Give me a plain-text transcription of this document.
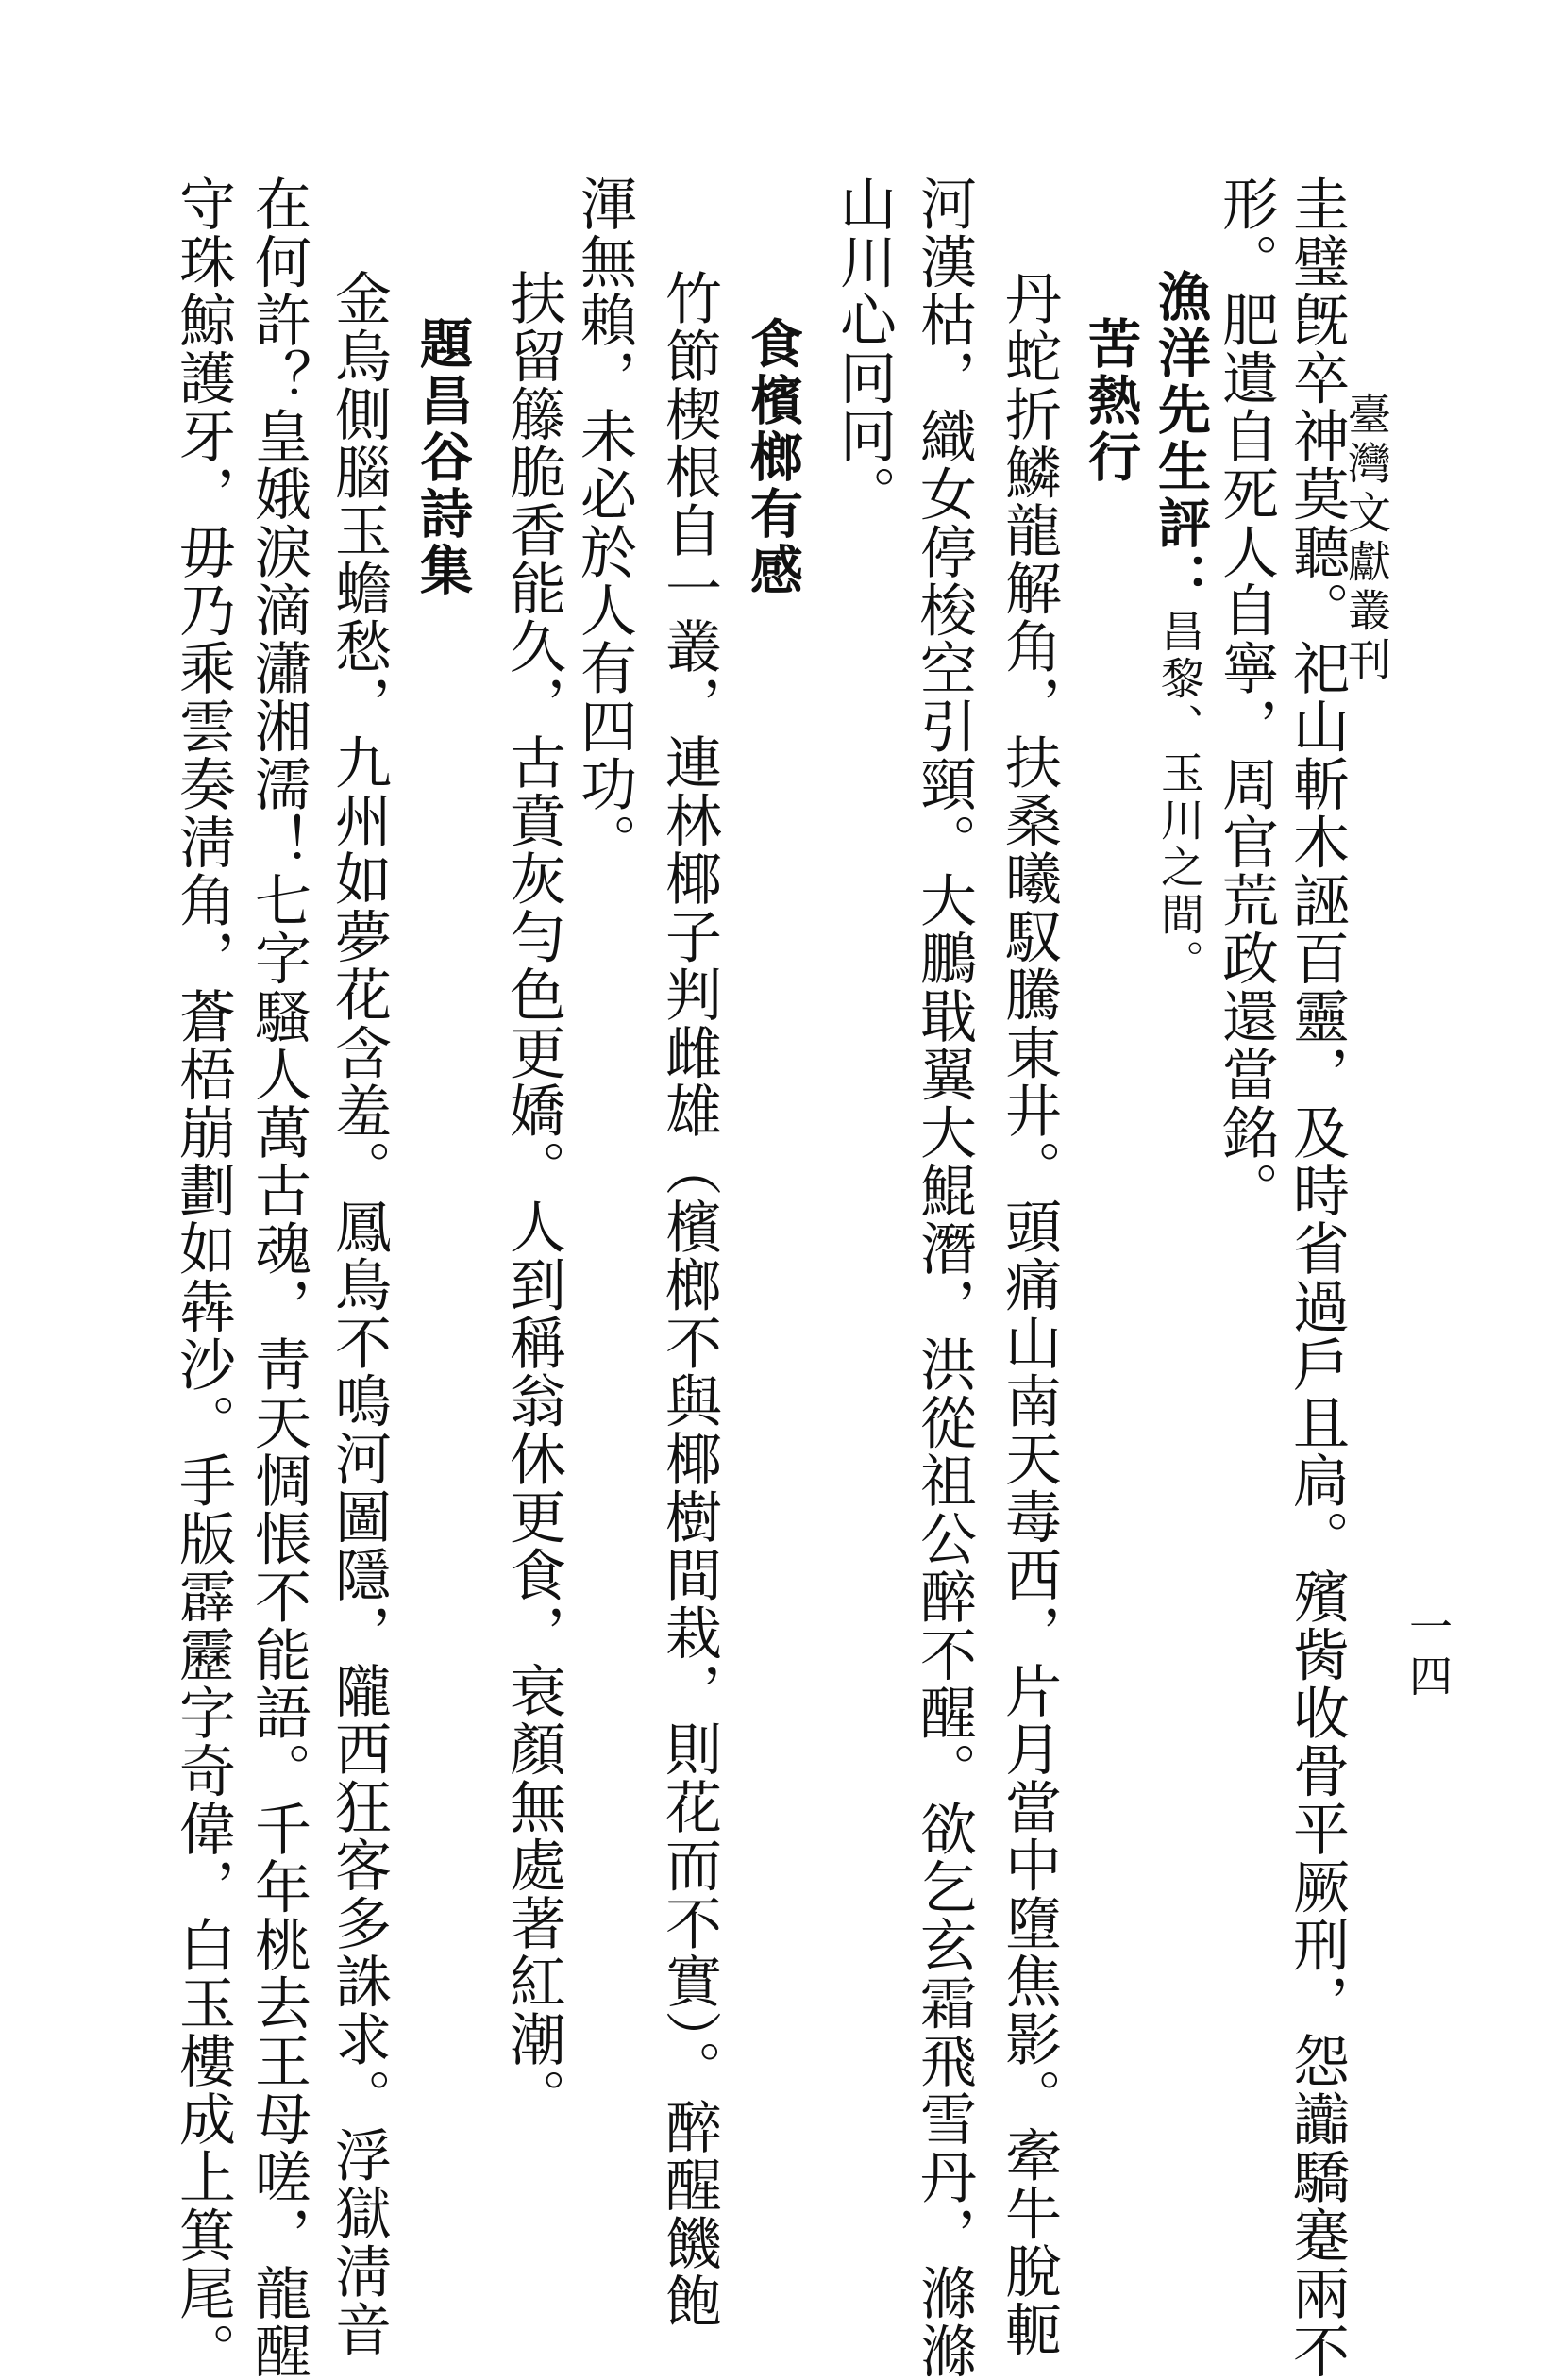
臺灣文獻叢刊
一四
圭璧旣卒神莫聽。祀山斬木誣百靈，及時省過戶且扃。殯胔收骨平厥刑，怨讟驕蹇兩不
形。肥遺自死人自寧，周官荒政還當銘。
漁洋先生評：昌黎、玉川之間。
苦熱行
丹蛇折鱗龍解角，扶桑曦馭騰東井。頭痛山南天毒西，片月當中墮焦影。牽牛脫軛
河漢枯，織女停梭空引頸。大鵬戢翼大鯤潛，洪從祖公醉不醒。欲乞玄霜飛雪丹，滌滌
山川心冋冋。
食檳榔有感
竹節楔根自一叢，連林椰子判雌雄（檳榔不與椰樹間栽，則花而不實）。醉醒饑飽
渾無賴，未必於人有四功。
扶留籐脆香能久，古賁灰勻色更嬌。人到稱翁休更食，衰顏無處著紅潮。
題昌谷詩集
金烏側腦玉蟾愁，九州如夢花含羞。鳳鳥不鳴河圖隱，隴西狂客多誅求。浮獄淸音
在何許？皇娥淚滴瀟湘濡！七字騷人萬古魂，靑天惆悵不能語。千年桃去王母嗟，龍醒
守珠鯨護牙，毋乃乘雲奏淸角，蒼梧崩劃如犇沙。手版霹靂字奇偉，白玉樓成上箕尾。
